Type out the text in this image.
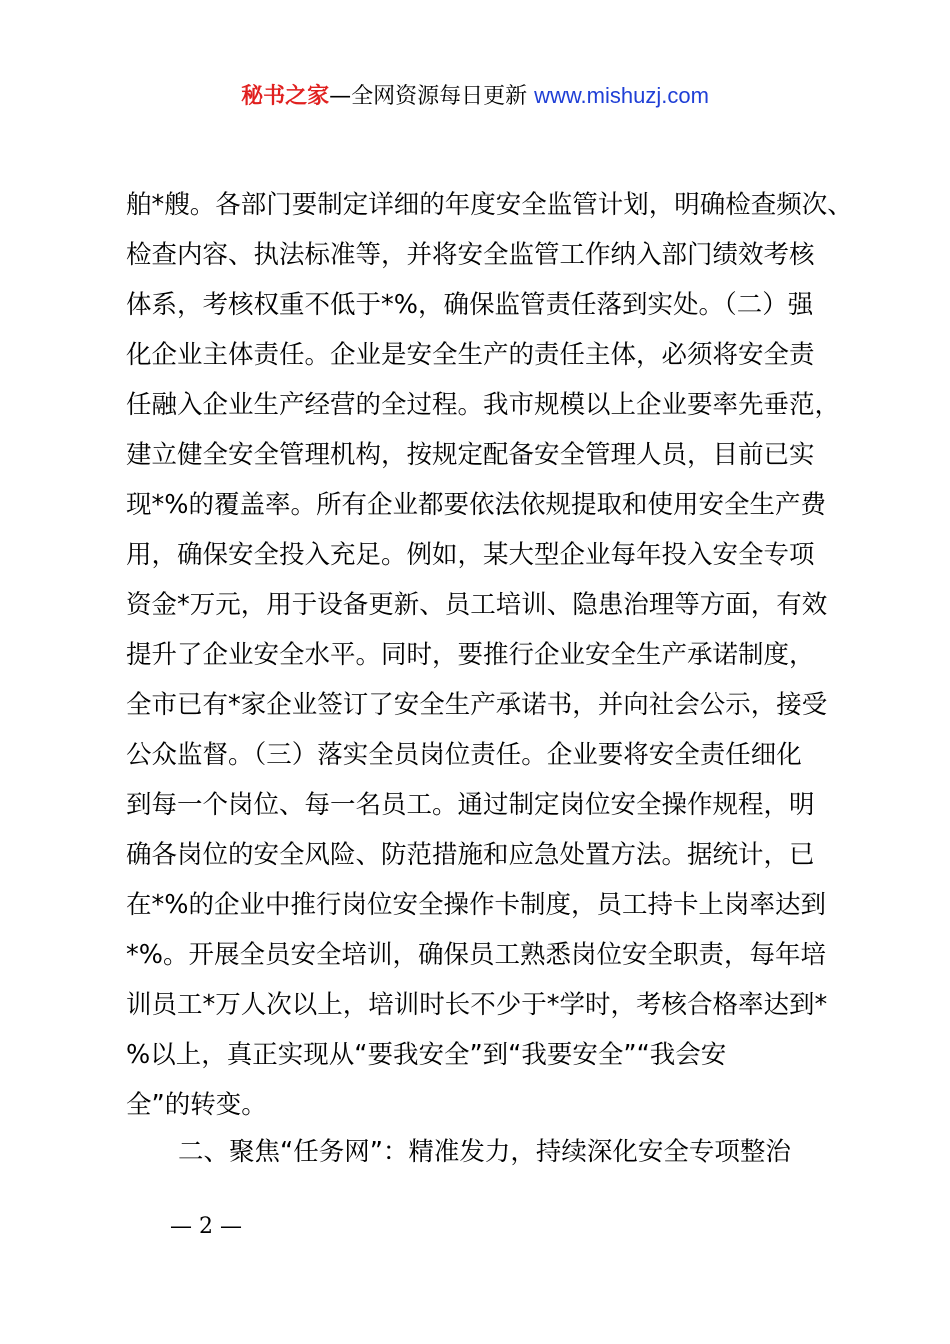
秘书之家—全网资源每日更新 www.mishuzj.com
舶*艘。各部门要制定详细的年度安全监管计划，明确检查频次、
检查内容、执法标准等，并将安全监管工作纳入部门绩效考核
体系，考核权重不低于*%，确保监管责任落到实处。（二）强
化企业主体责任。企业是安全生产的责任主体，必须将安全责
任融入企业生产经营的全过程。我市规模以上企业要率先垂范，
建立健全安全管理机构，按规定配备安全管理人员，目前已实
现*%的覆盖率。所有企业都要依法依规提取和使用安全生产费
用，确保安全投入充足。例如，某大型企业每年投入安全专项
资金*万元，用于设备更新、员工培训、隐患治理等方面，有效
提升了企业安全水平。同时，要推行企业安全生产承诺制度，
全市已有*家企业签订了安全生产承诺书，并向社会公示，接受
公众监督。（三）落实全员岗位责任。企业要将安全责任细化
到每一个岗位、每一名员工。通过制定岗位安全操作规程，明
确各岗位的安全风险、防范措施和应急处置方法。据统计，已
在*%的企业中推行岗位安全操作卡制度，员工持卡上岗率达到
*%。开展全员安全培训，确保员工熟悉岗位安全职责，每年培
训员工*万人次以上，培训时长不少于*学时，考核合格率达到*
%以上，真正实现从“要我安全”到“我要安全”“我会安
全”的转变。
二、聚焦“任务网”：精准发力，持续深化安全专项整治
— 2 —
